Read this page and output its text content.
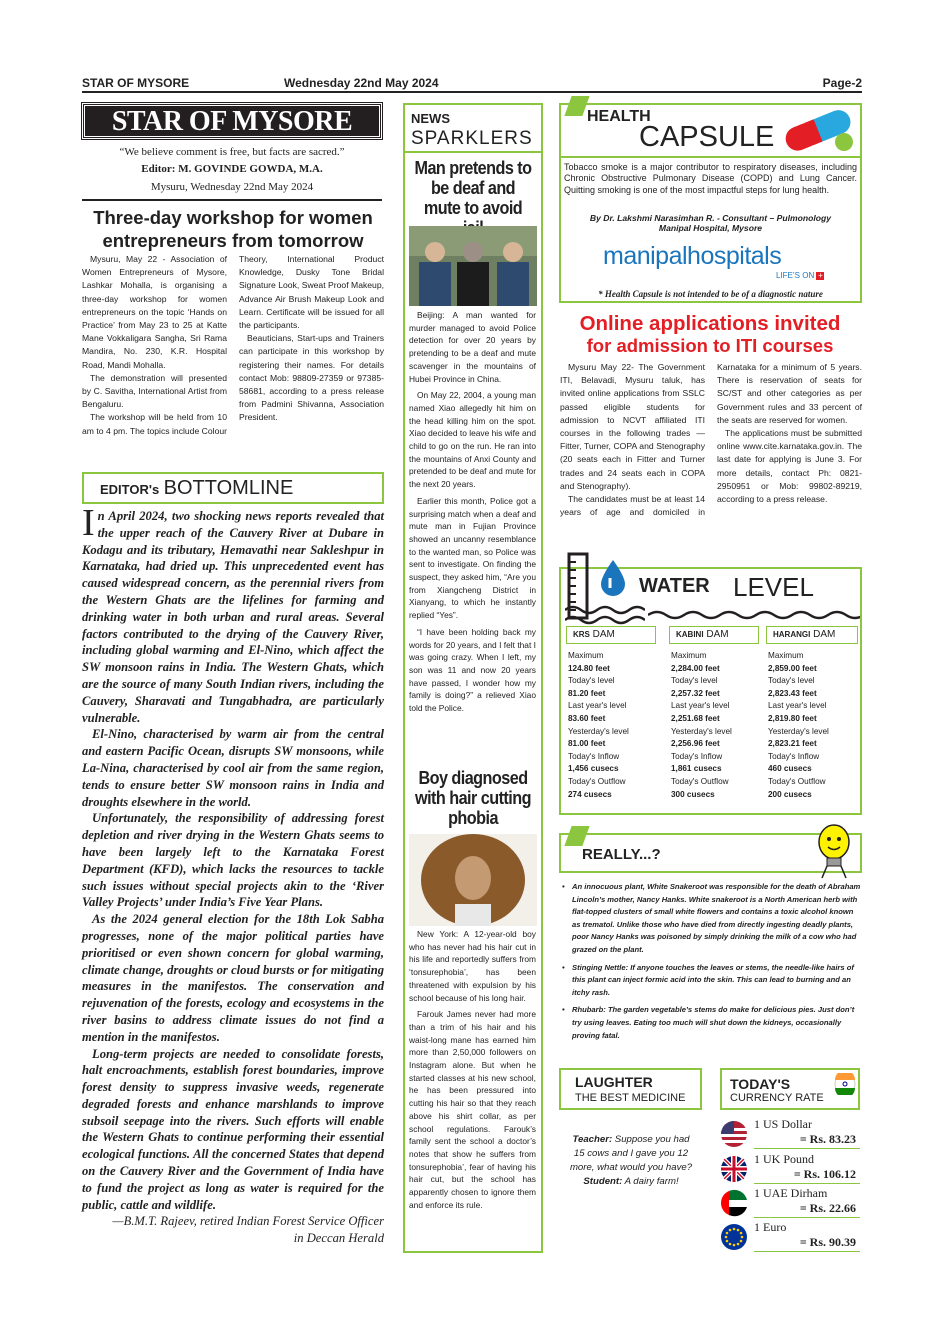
STAR OF MYSORE	Wednesday 22nd May 2024	Page-2
STAR OF MYSORE
“We believe comment is free, but facts are sacred.”
Editor: M. GOVINDE GOWDA, M.A.
Mysuru, Wednesday 22nd May 2024
Three-day workshop for women
entrepreneurs from tomorrow

Mysuru, May 22 - Association of Women Entrepreneurs of Mysore, Lashkar Mohalla, is organising a three-day workshop for women entrepreneurs on the topic ‘Hands on Practice’ from May 23 to 25 at Katte Mane Vokkaligara Sangha, Sri Rama Mandira, No. 230, K.R. Hospital Road, Mandi Mohalla.

The demonstration will presented by C. Savitha, International Artist from Bengaluru.

The workshop will be held from 10 am to 4 pm. The topics include Colour Theory, International Product Knowledge, Dusky Tone Bridal Signature Look, Sweat Proof Makeup, Advance Air Brush Makeup Look and Learn. Certificate will be issued for all the participants.

Beauticians, Start-ups and Trainers can participate in this workshop by registering their names. For details contact Mob: 98809-27359 or 97385-58681, according to a press release from Padmini Shivanna, Association President.

EDITOR's BOTTOMLINE

In April 2024, two shocking news reports revealed that the upper reach of the Cauvery River at Dubare in Kodagu and its tributary, Hemavathi near Sakleshpur in Karnataka, had dried up. This unprecedented event has caused widespread concern, as the perennial rivers from the Western Ghats are the lifelines for farming and drinking water in both urban and rural areas. Several factors contributed to the drying of the Cauvery River, including global warming and El-Nino, which affect the SW monsoon rains in India. The Western Ghats, which are the source of many South Indian rivers, including the Cauvery, Sharavati and Tungabhadra, are particularly vulnerable.

El-Nino, characterised by warm air from the central and eastern Pacific Ocean, disrupts SW monsoons, while La-Nina, characterised by cool air from the same region, tends to ensure better SW monsoon rains in India and droughts elsewhere in the world.

Unfortunately, the responsibility of addressing forest depletion and river drying in the Western Ghats seems to have been largely left to the Karnataka Forest Department (KFD), which lacks the resources to tackle such issues without special projects akin to the ‘River Valley Projects’ under India’s Five Year Plans.

As the 2024 general election for the 18th Lok Sabha progresses, none of the major political parties have prioritised or even shown concern for global warming, climate change, droughts or cloud bursts or for mitigating measures in the manifestos. The conservation and rejuvenation of the forests, ecology and ecosystems in the river basins to address climate issues do not find a mention in the manifestos.

Long-term projects are needed to consolidate forests, halt encroachments, establish forest boundaries, improve forest density to suppress invasive weeds, regenerate degraded forests and enhance marshlands to improve subsoil seepage into the rivers. Such efforts will enable the Western Ghats to continue performing their essential ecological functions. All the concerned States that depend on the Cauvery River and the Government of India have to fund the project as long as water is required for the public, cattle and wildlife.

—B.M.T. Rajeev, retired Indian Forest Service Officer

in Deccan Herald

NEWS
SPARKLERS
Man pretends to be deaf and mute to avoid

Beijing: A man wanted for murder managed to avoid Police detection for over 20 years by pretending to be a deaf and mute scavenger in the mountains of Hubei Province in China.

On May 22, 2004, a young man named Xiao allegedly hit him on the head killing him on the spot. Xiao decided to leave his wife and child to go on the run. He ran into the mountains of Anxi County and pretended to be deaf and mute for the next 20 years.

Earlier this month, Police got a surprising match when a deaf and mute man in Fujian Province showed an uncanny resemblance to the wanted man, so Police was sent to investigate. On finding the suspect, they asked him, “Are you from Xiangcheng District in Xianyang, to which he instantly replied “Yes”.

“I have been holding back my words for 20 years, and I felt that I was going crazy. When I left, my son was 11 and now 20 years have passed, I wonder how my family is doing?” a relieved Xiao told the Police.

Boy diagnosed with hair cutting phobia

New York: A 12-year-old boy who has never had his hair cut in his life and reportedly suffers from ‘tonsurephobia’, has been threatened with expulsion by his school because of his long hair.

Farouk James never had more than a trim of his hair and his waist-long mane has earned him more than 2,50,000 followers on Instagram alone. But when he started classes at his new school, he has been pressured into cutting his hair so that they reach above his shirt collar, as per school regulations. Farouk’s family sent the school a doctor’s notes that show he suffers from tonsurephobia’, fear of having his hair cut, but the school has apparently chosen to ignore them and enforce its rule.

HEALTH
CAPSULE
Tobacco smoke is a major contributor to respiratory diseases, including Chronic Obstructive Pulmonary Disease (COPD) and Lung Cancer. Quitting smoking is one of the most impactful steps for lung health.
By Dr. Lakshmi Narasimhan R. - Consultant – Pulmonology
Manipal Hospital, Mysore
manipalhospitals
LIFE’S ON +
* Health Capsule is not intended to be of a diagnostic nature
Online applications invited
for admission to ITI courses

Mysuru May 22- The Government ITI, Belavadi, Mysuru taluk, has invited online applications from SSLC passed eligible students for admission to NCVT affiliated ITI courses in the following trades — Fitter, Turner, COPA and Stenography (20 seats each in Fitter and Turner trades and 24 seats each in COPA and Stenography).

The candidates must be at least 14 years of age and domiciled in Karnataka for a minimum of 5 years. There is reservation of seats for SC/ST and other categories as per Government rules and 33 percent of the seats are reserved for women.

The applications must be submitted online www.cite.karnataka.gov.in. The last date for applying is June 3. For more details, contact Ph: 0821-2950951 or Mob: 99802-89219, according to a press release.

WATER LEVEL
KRS DAM
Maximum
124.80 feet
Today's level
81.20 feet
Last year's level
83.60 feet
Yesterday's level
81.00 feet
Today's Inflow
1,456 cusecs
Today's Outflow
274 cusecs
KABINI DAM
Maximum
2,284.00 feet
Today's level
2,257.32 feet
Last year's level
2,251.68 feet
Yesterday's level
2,256.96 feet
Today's Inflow
1,861 cusecs
Today's Outflow
300 cusecs
HARANGI DAM
Maximum
2,859.00 feet
Today's level
2,823.43 feet
Last year's level
2,819.80 feet
Yesterday's level
2,823.21 feet
Today's Inflow
460 cusecs
Today's Outflow
200 cusecs
REALLY...?
• An innocuous plant, White Snakeroot was responsible for the death of Abraham Lincoln’s mother, Nancy Hanks. White snakeroot is a North American herb with flat-topped clusters of small white flowers and contains a toxic alcohol known as trematol. Unlike those who have died from directly ingesting deadly plants, poor Nancy Hanks was poisoned by simply drinking the milk of a cow who had grazed on the plant.
• Stinging Nettle: If anyone touches the leaves or stems, the needle-like hairs of this plant can inject formic acid into the skin. This can lead to burning and an itchy rash.
• Rhubarb: The garden vegetable’s stems do make for delicious pies. Just don’t try using leaves. Eating too much will shut down the kidneys, occasionally proving fatal.
LAUGHTER
THE BEST MEDICINE

Teacher: Suppose you had 15 cows and I gave you 12 more, what would you have?

Student: A dairy farm!

TODAY'S
CURRENCY RATE
1 US Dollar
= Rs. 83.23
1 UK Pound
= Rs. 106.12
1 UAE Dirham
= Rs. 22.66
1 Euro
= Rs. 90.39
